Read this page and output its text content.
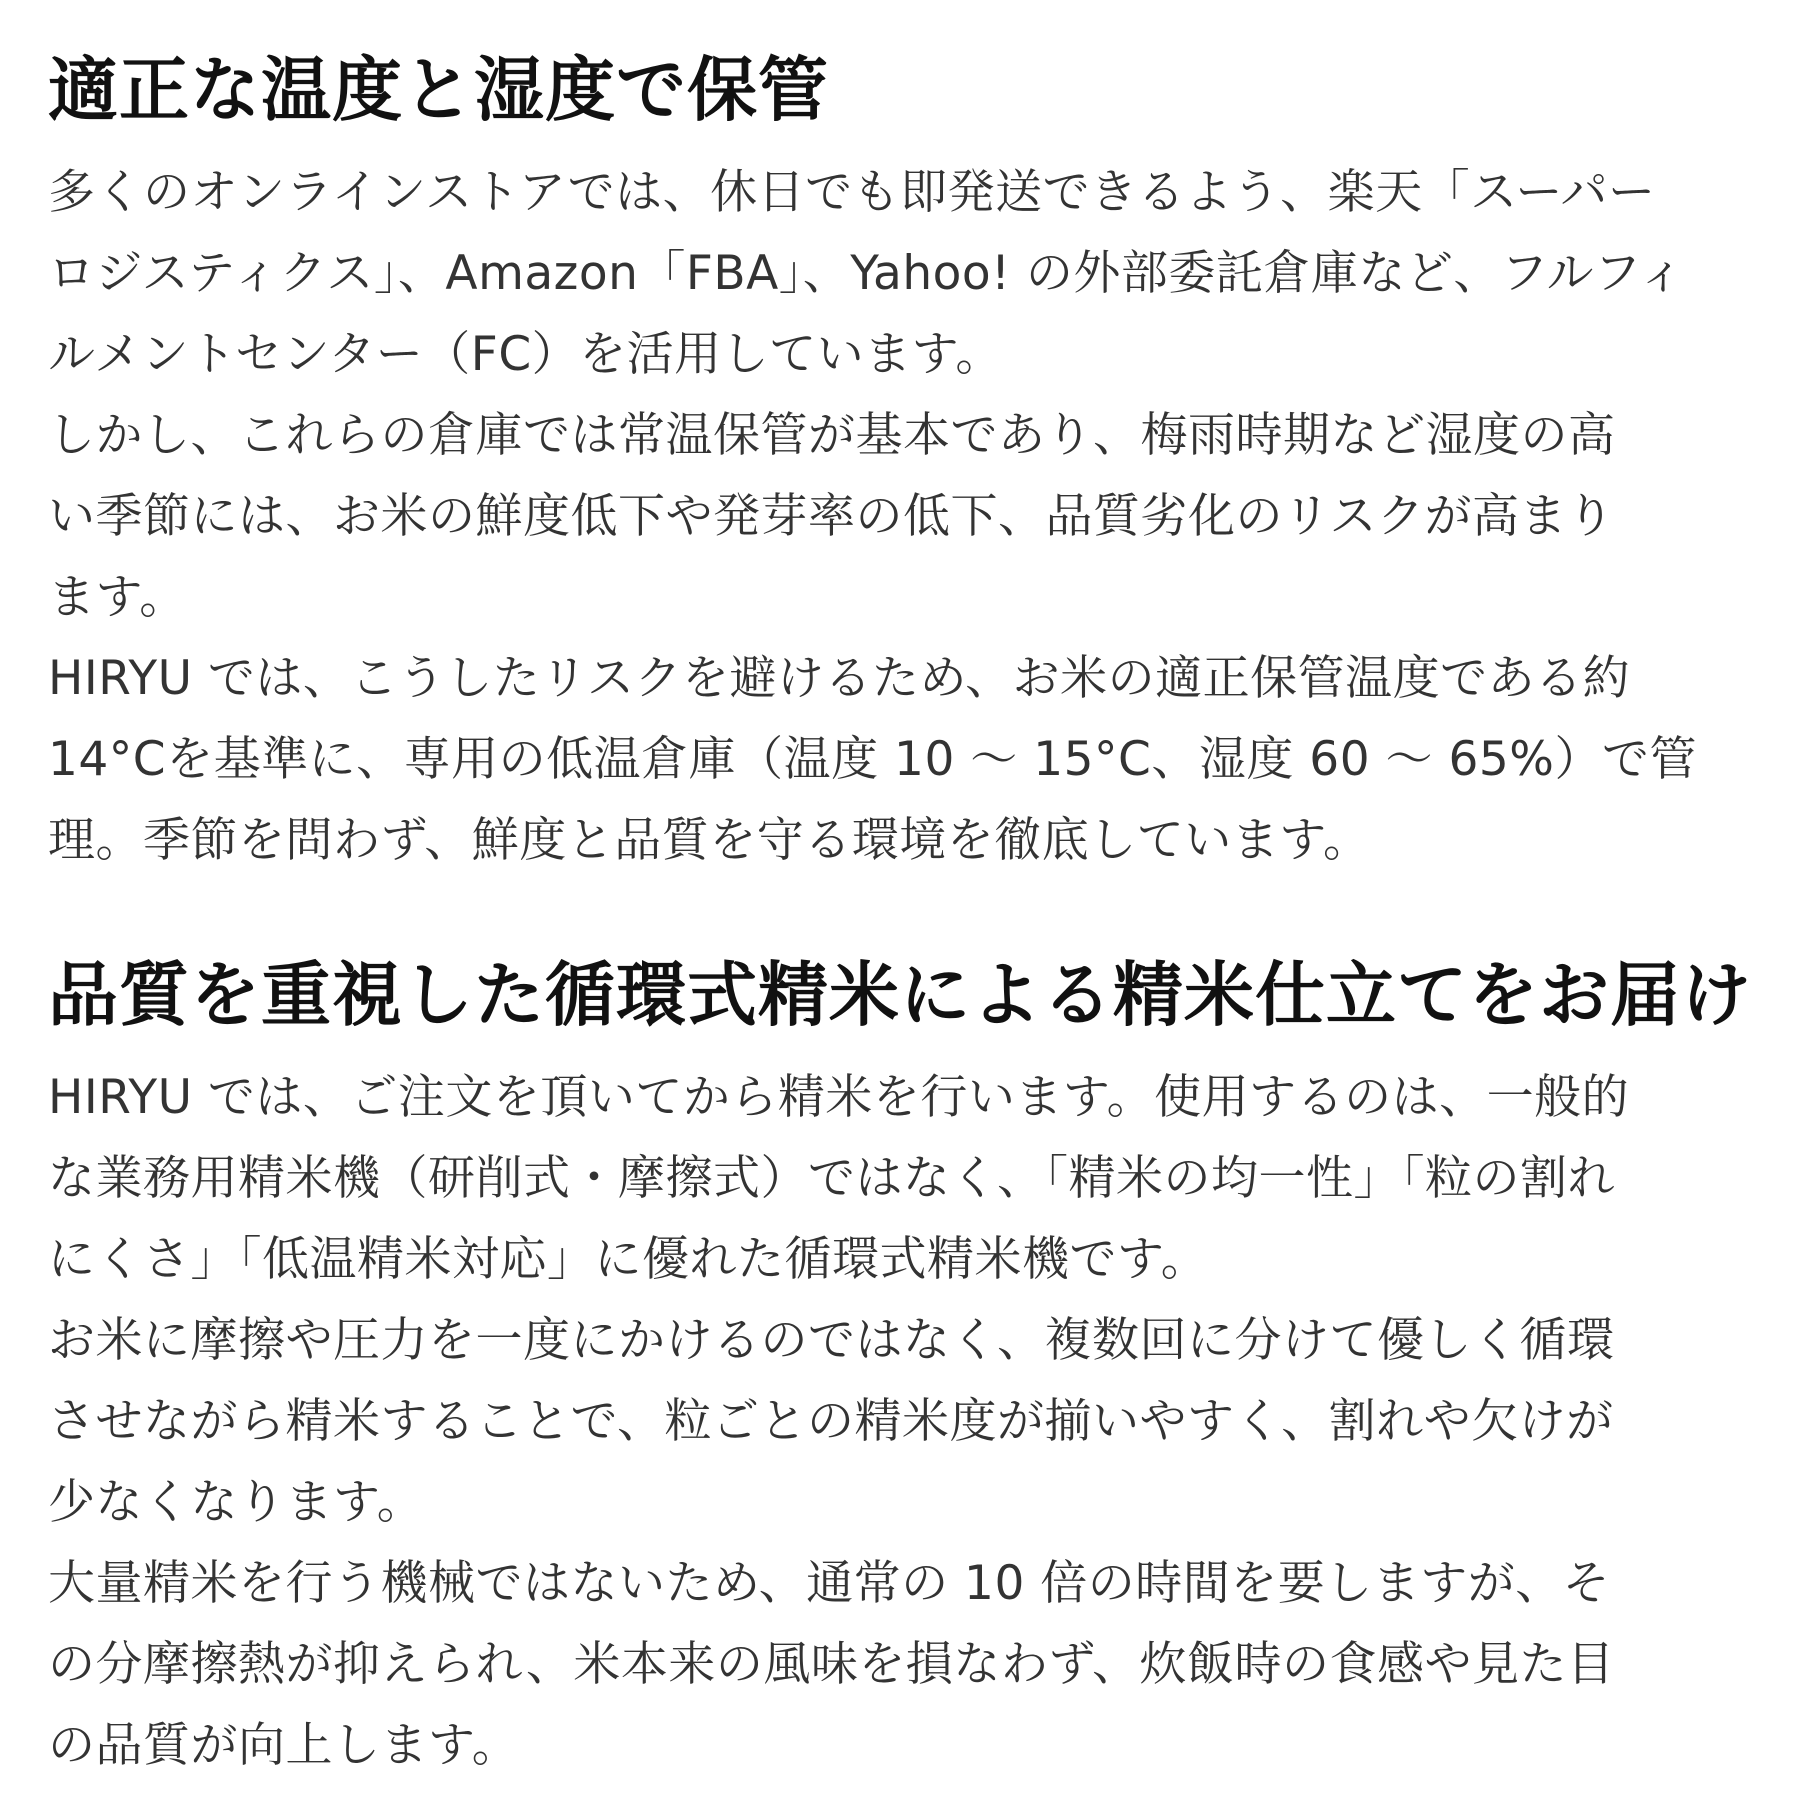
適正な温度と湿度で保管
多くのオンラインストアでは、休日でも即発送できるよう、楽天「スーパー
ロジスティクス」、Amazon「FBA」、Yahoo! の外部委託倉庫など、フルフィ
ルメントセンター（FC）を活用しています。
しかし、これらの倉庫では常温保管が基本であり、梅雨時期など湿度の高
い季節には、お米の鮮度低下や発芽率の低下、品質劣化のリスクが高まり
ます。
HIRYU では、こうしたリスクを避けるため、お米の適正保管温度である約
14°Cを基準に、専用の低温倉庫（温度 10 ～ 15°C、湿度 60 ～ 65%）で管
理。季節を問わず、鮮度と品質を守る環境を徹底しています。
品質を重視した循環式精米による精米仕立てをお届け
HIRYU では、ご注文を頂いてから精米を行います。使用するのは、一般的
な業務用精米機（研削式・摩擦式）ではなく、「精米の均一性」「粒の割れ
にくさ」「低温精米対応」に優れた循環式精米機です。
お米に摩擦や圧力を一度にかけるのではなく、複数回に分けて優しく循環
させながら精米することで、粒ごとの精米度が揃いやすく、割れや欠けが
少なくなります。
大量精米を行う機械ではないため、通常の 10 倍の時間を要しますが、そ
の分摩擦熱が抑えられ、米本来の風味を損なわず、炊飯時の食感や見た目
の品質が向上します。
